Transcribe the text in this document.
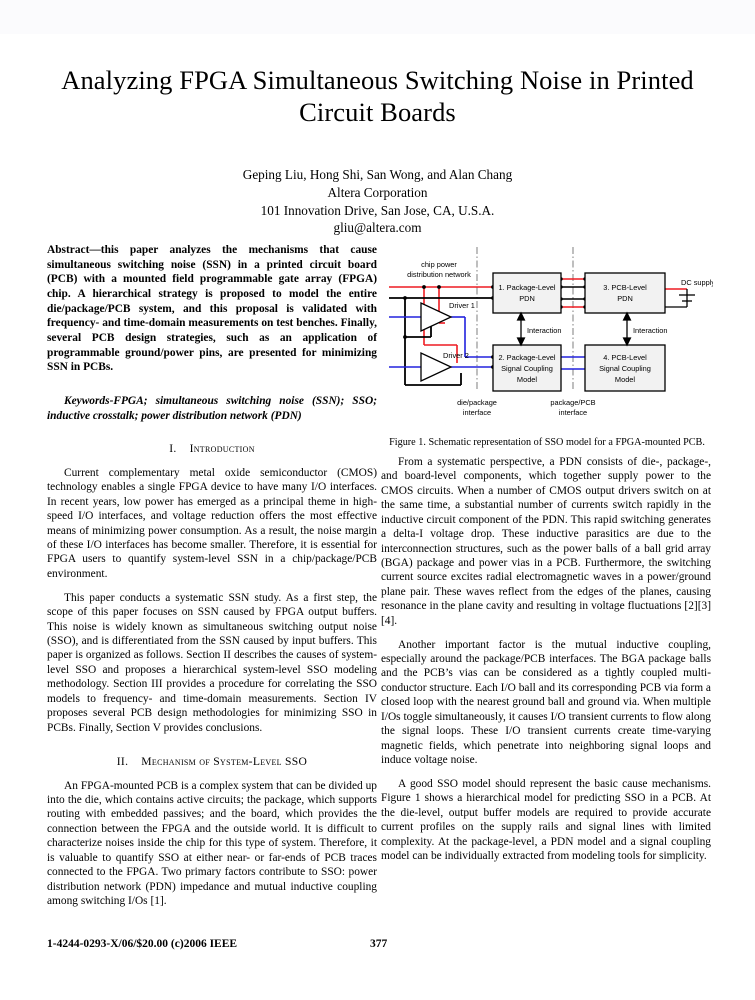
Analyzing FPGA Simultaneous Switching Noise in Printed Circuit Boards
Geping Liu, Hong Shi, San Wong, and Alan Chang
Altera Corporation
101 Innovation Drive, San Jose, CA, U.S.A.
gliu@altera.com

Abstract—this paper analyzes the mechanisms that cause simultaneous switching noise (SSN) in a printed circuit board (PCB) with a mounted field programmable gate array (FPGA) chip. A hierarchical strategy is proposed to model the entire die/package/PCB system, and this proposal is validated with frequency- and time-domain measurements on test benches. Finally, several PCB design strategies, such as an application of programmable ground/power pins, are presented for minimizing SSN in PCBs.

Keywords-FPGA; simultaneous switching noise (SSN); SSO; inductive crosstalk; power distribution network (PDN)

I. Introduction

Current complementary metal oxide semiconductor (CMOS) technology enables a single FPGA device to have many I/O interfaces. In recent years, low power has emerged as a principal theme in high-speed I/O interfaces, and voltage reduction offers the most effective means of minimizing power consumption. As a result, the noise margin of these I/O interfaces has become smaller. Therefore, it is essential for FPGA users to quantify system-level SSN in a chip/package/PCB environment.

This paper conducts a systematic SSN study. As a first step, the scope of this paper focuses on SSN caused by FPGA output buffers. This noise is widely known as simultaneous switching output noise (SSO), and is differentiated from the SSN caused by input buffers. This paper is organized as follows. Section II describes the causes of system-level SSO and proposes a hierarchical system-level SSO modeling methodology. Section III provides a procedure for correlating the SSO models to frequency- and time-domain measurements. Section IV proposes several PCB design methodologies for minimizing SSO in PCBs. Finally, Section V provides conclusions.

II. Mechanism of System-Level SSO

An FPGA-mounted PCB is a complex system that can be divided up into the die, which contains active circuits; the package, which supports routing with embedded passives; and the board, which provides the connection between the FPGA and the outside world. It is difficult to characterize noises inside the chip for this type of system. Therefore, it is valuable to quantify SSO at either near- or far-ends of PCB traces connected to the FPGA. Two primary factors contribute to SSO: power distribution network (PDN) impedance and mutual inductive coupling among switching I/Os [1].

chip power
distribution network
Driver 1
Driver 2
1. Package-Level
PDN
3. PCB-Level
PDN
2. Package-Level
Signal Coupling
Model
4. PCB-Level
Signal Coupling
Model
Interaction	Interaction
DC supply
die/package
interface
package/PCB
interface
Figure 1. Schematic representation of SSO model for a FPGA-mounted PCB.

From a systematic perspective, a PDN consists of die-, package-, and board-level components, which together supply power to the CMOS circuits. When a number of CMOS output drivers switch on at the same time, a substantial number of currents switch rapidly in the inductive circuit component of the PDN. This rapid switching generates a delta-I voltage drop. These inductive parasitics are due to the interconnection structures, such as the power balls of a ball grid array (BGA) package and power vias in a PCB. Furthermore, the switching current source excites radial electromagnetic waves in a power/ground plane pair. These waves reflect from the edges of the planes, causing resonance in the plane cavity and resulting in voltage fluctuations [2][3][4].

Another important factor is the mutual inductive coupling, especially around the package/PCB interfaces. The BGA package balls and the PCB’s vias can be considered as a tightly coupled multi-conductor structure. Each I/O ball and its corresponding PCB via form a closed loop with the nearest ground ball and ground via. When multiple I/Os toggle simultaneously, it causes I/O transient currents to flow along the signal loops. These I/O transient currents create time-varying magnetic fields, which penetrate into neighboring signal loops and induce voltage noise.

A good SSO model should represent the basic cause mechanisms. Figure 1 shows a hierarchical model for predicting SSO in a PCB. At the die-level, output buffer models are required to provide accurate current profiles on the supply rails and signal lines with limited complexity. At the package-level, a PDN model and a signal coupling model can be individually extracted from modeling tools for simplicity.

1-4244-0293-X/06/$20.00 (c)2006 IEEE	377
